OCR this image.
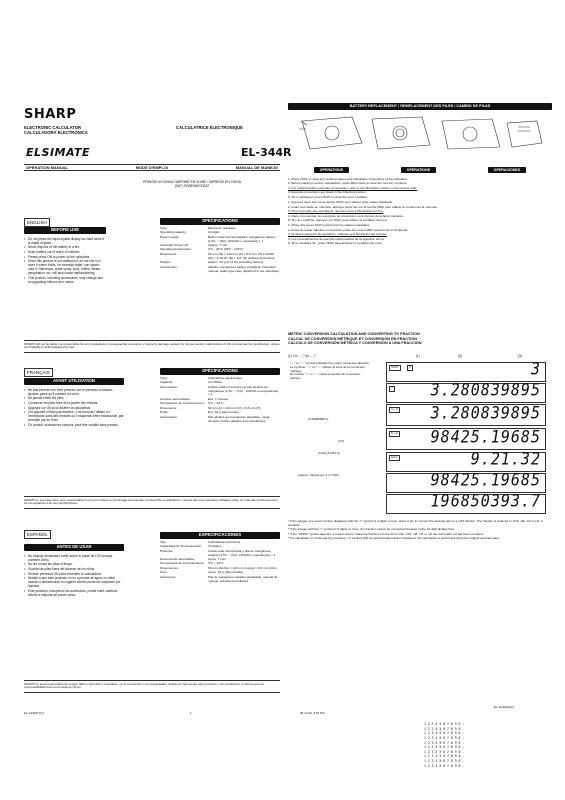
SHARP
ELECTRONIC CALCULATOR
CALCULADORA ELECTRÓNICA
CALCULATRICE ÉLECTRONIQUE
ELSIMATE	EL-344R
OPERATION MANUAL	MODE D'EMPLOI	MANUAL DE MANEJO
PRINTED IN CHINA / IMPRIMÉ EN CHINE / IMPRESO EN CHINA
(04F) TINSE0867EHZZ
ENGLISH
BEFORE USE
• Do not press the liquid crystal display too hard since it is made of glass.
• Never dispose of the battery in a fire.
• Keep battery out of reach of children.
• Please press ON to power on the calculator.
• Since this product is not waterproof, do not use it or store it where fluids, for example water, can splash onto it. Raindrops, water spray, juice, coffee, steam, perspiration, etc. will also cause malfunctioning.
• This product, including accessories, may change due to upgrading without prior notice.
SPECIFICATIONS
Type:	Electronic calculator
Operating capacity:	10 digits
Power supply:	Built-in solar cell and alkaline manganese battery (1.5V ⎓ (DC): LR1130 or equivalent) × 1
Automatic Power-off:	Approx. 7 min.
Operating temperature:	0°C - 40°C (32°F - 104°F)
Dimensions:	69 mm (W) × 119 mm (D) × 6.6 mm (H) 2-23/32" (W) × 4-11/16" (D) × 1/4" (H) (without protrusion)
Weight:	Approx. 63 g (0.14 lb) (including battery)
Accessories:	Alkaline manganese battery (installed), Operation manual, wallet type case (attached to the calculator)
SHARP will not be liable nor responsible for any incidental or consequential economic or property damage caused by misuse and/or malfunctions of this product and its peripherals, unless such liability is acknowledged by law.
FRANÇAIS
AVANT UTILISATION
• Ne pas exercer une forte pression sur le panneau à cristaux liquides parce qu'il contient du verre.
• Ne jamais brûler les piles.
• Conserver les piles hors de la portée des enfants.
• Appuyez sur ON pour allumer la calculatrice.
• Cet appareil n'étant pas étanche, il ne faut pas l'utiliser ou l'entreposer dans des endroits où il risquerait d'être éclaboussé, par exemple par de l'eau.
• Ce produit, accessoires compris, peut être modifié sans préavis.
SPÉCIFICATIONS
Type:	Calculatrice électronique
Capacité:	10 chiffres
Alimentation:	Cellule solaire incorporée et pile alcaline au manganèse (1,5V ⎓ (CC) : LR1130 ou équivalente) × 1
Coupure automatique:	Env. 7 minutes
Température de fonctionnement:	0°C – 40°C
Dimensions:	69 mm (L) × 119 mm (P) × 6,6 mm (H)
Poids:	Env. 63 g (pile fournie)
Accessoires:	Pile alcaline au manganèse (installée), mode d'emploi, boîtier (attaché à la calculatrice)
SHARP ne peut être tenu pour responsable pour tout incident ou dommage économique consécutifs ou altérations, causés par une mauvaise utilisation et/ou un mauvais fonctionnement de cet appareil et de ses périphériques.
ESPAÑOL
ANTES DE USAR
• No empuje demasiado fuerte sobre el panel de LCD porque contiene vidrio.
• No tire nunca las pilas al fuego.
• Guarde las pilas fuera del alcance de los niños.
• Sírvase presionar ON para encender la calculadora.
• Debido a que este producto no es a prueba de agua, no debe usarse ni almacenarse en lugares donde pueda ser salpicado por líquidos.
• Este producto, incluyendo los accesorios, puede sufrir cambios debido a mejoras sin previo aviso.
ESPECIFICACIONES
Tipo:	Calculadora electrónica
Capacidad de funcionamiento:	10 dígitos
Potencia:	Célula solar incorporada y pila de manganeso alcalina (1,5V ⎓ (CC): LR1130 o equivalente) × 1
Desconexión automática:	Aprox. 7 min.
Temperatura de funcionamiento:	0°C – 40°C
Dimensiones:	69 mm (Ancho) × 119 mm (Largo) × 6,6 mm (Alto)
Peso:	Aprox. 63 g (pila incluida)
Accesorios:	Pila de manganeso alcalina (instalada), manual de manejo, estuche tipo billetera
SHARP no será responsable de ningún daño imprevisto o resultante, en lo económico o en propiedades, debido al mal uso de este producto y sus periféricos, a menos que tal responsabilidad sea reconocida por la ley.
BATTERY REPLACEMENT / REMPLACEMENT DES PILES / CAMBIO DE PILAS
OPERATIONS	OPÉRATIONS	OPERACIONES
1. Press ON/C to clear any residual values and calculation instructions of the calculator.
2. Before starting memory calculations, press MRC twice to clear the memory contents.
3. For representative examples of operation, refer to the illustration shown on the reverse side.
4. Example procedures are listed in the following manner.
5. "E" is displayed, press ON/C to clear the error condition.
1. Appuyez deux fois sur la touche ON/C pour effacer toute valeur résiduelle.
2. Avant tout calcul en mémoire, appuyez deux fois sur la touche MRC pour effacer le contenu de la mémoire.
3. Pour l'exemple des opérations, reportez-vous à l'illustration au dos.
4. Dans cet exemple, les exemples de procédures sont donnés de la façon suivante.
5. Si « E » s'affiche, appuyez sur ON/C pour effacer la condition d'erreur.
1. Pulse dos veces ON/C para borrar los valores residuales.
2. Antes de iniciar cálculos en memoria, pulse dos veces MRC para borrar el contenido.
3. Si desea ejemplos de operación, refiérase a la ilustración del reverso.
4. Los procedimientos de ejemplo están listados de la siguiente forma.
5. Si se visualiza "E", pulse ON/C para eliminar la condición de error.
METRIC CONVERSION CALCULATION AND CONVERTING TO FRACTION
CALCUL DE CONVERSION MÉTRIQUE ET CONVERSION EN FRACTION
CÁLCULO DE CONVERSIÓN MÉTRICA Y CONVERSIÓN A UNA FRACCIÓN
(1) 3 in → ? yd → ?	(1)	(2)	(3)
"→" or "←" symbol indicates the metric conversion direction.
Le symbole "→" ou "←" indique le sens de la conversion métrique.
El símbolo "→" o "←" indica el sentido de conversión métrica.
(3.28083989 ft)
(3 ft)
(3.94) (3 9/64 in)
(Approx. 9in)(Aprox. 9 in 7/32")
ON/C	3	3
=	3.280839895
m→ft 3.280839895
ft→in 98425.19685
a b/c	9.21.32
98425.19685
196850393.7
* If the integer of a result number displayed with the "r" symbol is 4 digits or less, press a b/c to convert the decimal part to a n/32 fraction. The fraction is reduced to 1/16, 1/8, 1/4 or 1/2, if possible.
* If the integer with the "r" symbol is 5 digits or more, the fraction cannot be converted because of the 10-digit display limit.
* If the "APPR" symbol appears, it means that to make the fraction into the form n/32, n/16, n/8, n/4 or n/2 the numerator (n) has been rounded.
* If a calculation is continued (by pressing = or similar) with an approximate fraction displayed, the calculation is performed using the original decimal value.
EL-344R(T)(C)	1	05.12.09, 2:52 PM
EL-344R(E)(C)
1 2 3 4 5 6 7 8 9 0 .
1 2 3 4 5 6 7 8 9 0 .
1 2 3 4 5 6 7 8 9 0 .
1 2 3 4 5 6 7 8 9 0 .
1 2 3 4 5 6 7 8 9 0 .
1 2 3 4 5 6 7 8 9 0 .
1 2 3 4 5 6 7 8 9 0 .
1 2 3 4 5 6 7 8 9 0 .
1 2 3 4 5 6 7 8 9 0 .
1 2 3 4 5 6 7 8 9 0 .
